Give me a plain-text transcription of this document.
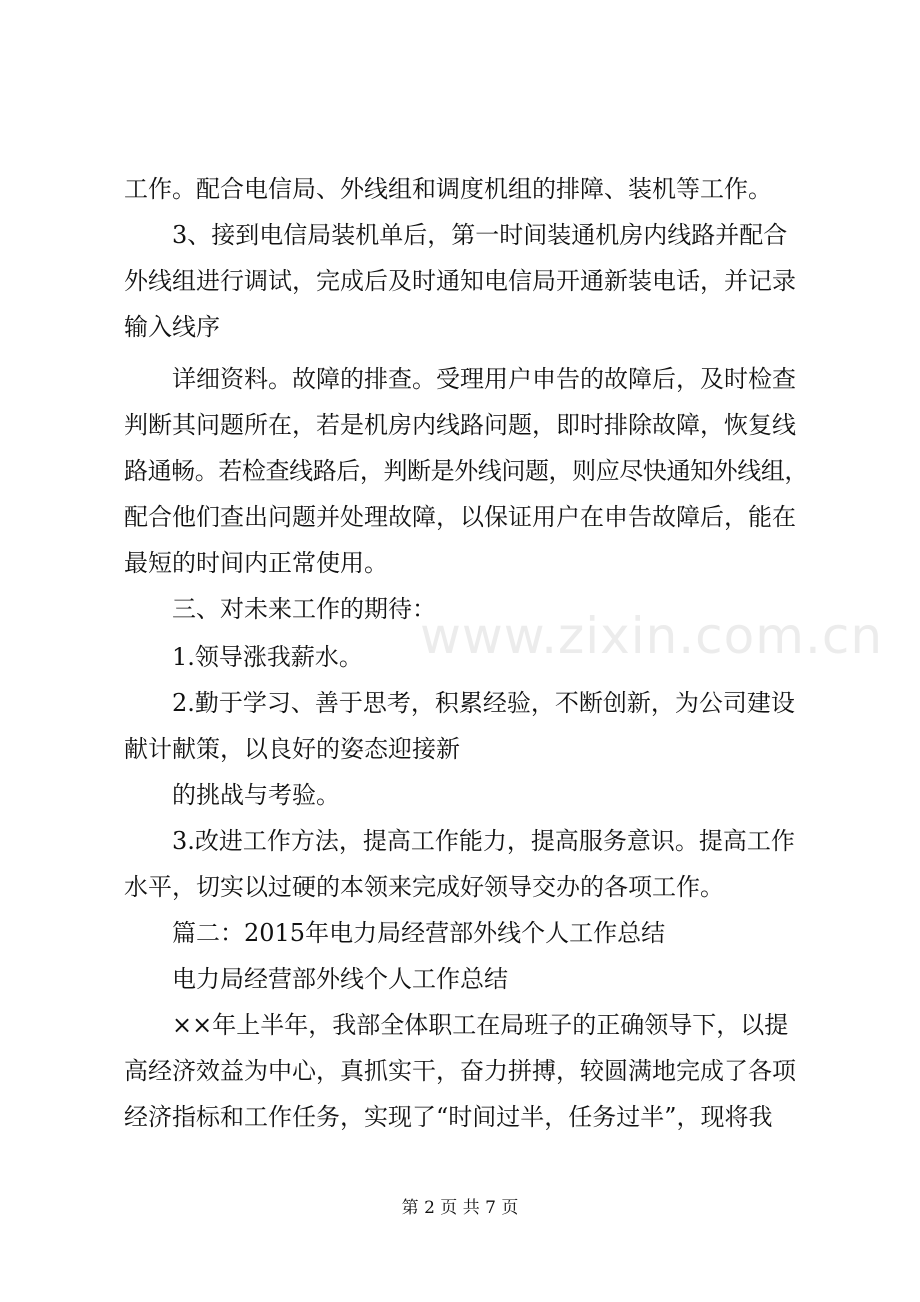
www.zixin.com.cn
工作。配合电信局、外线组和调度机组的排障、装机等工作。
3、接到电信局装机单后，第一时间装通机房内线路并配合
外线组进行调试，完成后及时通知电信局开通新装电话，并记录
输入线序
详细资料。故障的排查。受理用户申告的故障后，及时检查
判断其问题所在，若是机房内线路问题，即时排除故障，恢复线
路通畅。若检查线路后，判断是外线问题，则应尽快通知外线组，
配合他们查出问题并处理故障，以保证用户在申告故障后，能在
最短的时间内正常使用。
三、对未来工作的期待：
1.领导涨我薪水。
2.勤于学习、善于思考，积累经验，不断创新，为公司建设
献计献策，以良好的姿态迎接新
的挑战与考验。
3.改进工作方法，提高工作能力，提高服务意识。提高工作
水平，切实以过硬的本领来完成好领导交办的各项工作。
篇二：2015年电力局经营部外线个人工作总结
电力局经营部外线个人工作总结
××年上半年，我部全体职工在局班子的正确领导下，以提
高经济效益为中心，真抓实干，奋力拼搏，较圆满地完成了各项
经济指标和工作任务，实现了“时间过半，任务过半”，现将我
第 2 页 共 7 页
